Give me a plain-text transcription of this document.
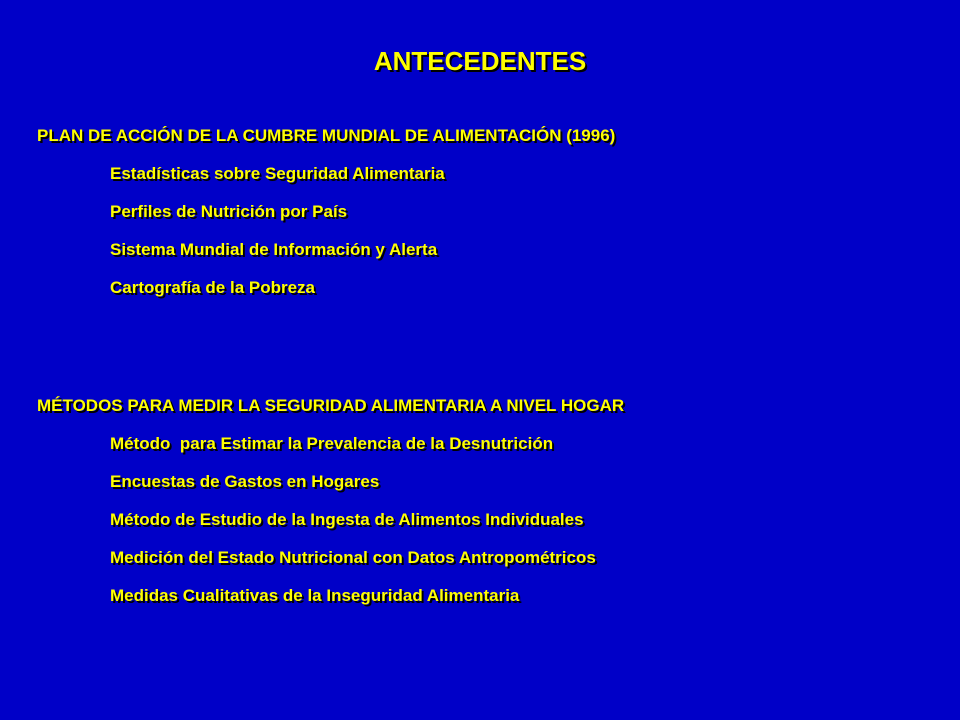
ANTECEDENTES
PLAN DE ACCIÓN DE LA CUMBRE MUNDIAL DE ALIMENTACIÓN (1996)
Estadísticas sobre Seguridad Alimentaria
Perfiles de Nutrición por País
Sistema Mundial de Información y Alerta
Cartografía de la Pobreza
MÉTODOS PARA MEDIR LA SEGURIDAD ALIMENTARIA A NIVEL HOGAR
Método  para Estimar la Prevalencia de la Desnutrición
Encuestas de Gastos en Hogares
Método de Estudio de la Ingesta de Alimentos Individuales
Medición del Estado Nutricional con Datos Antropométricos
Medidas Cualitativas de la Inseguridad Alimentaria
